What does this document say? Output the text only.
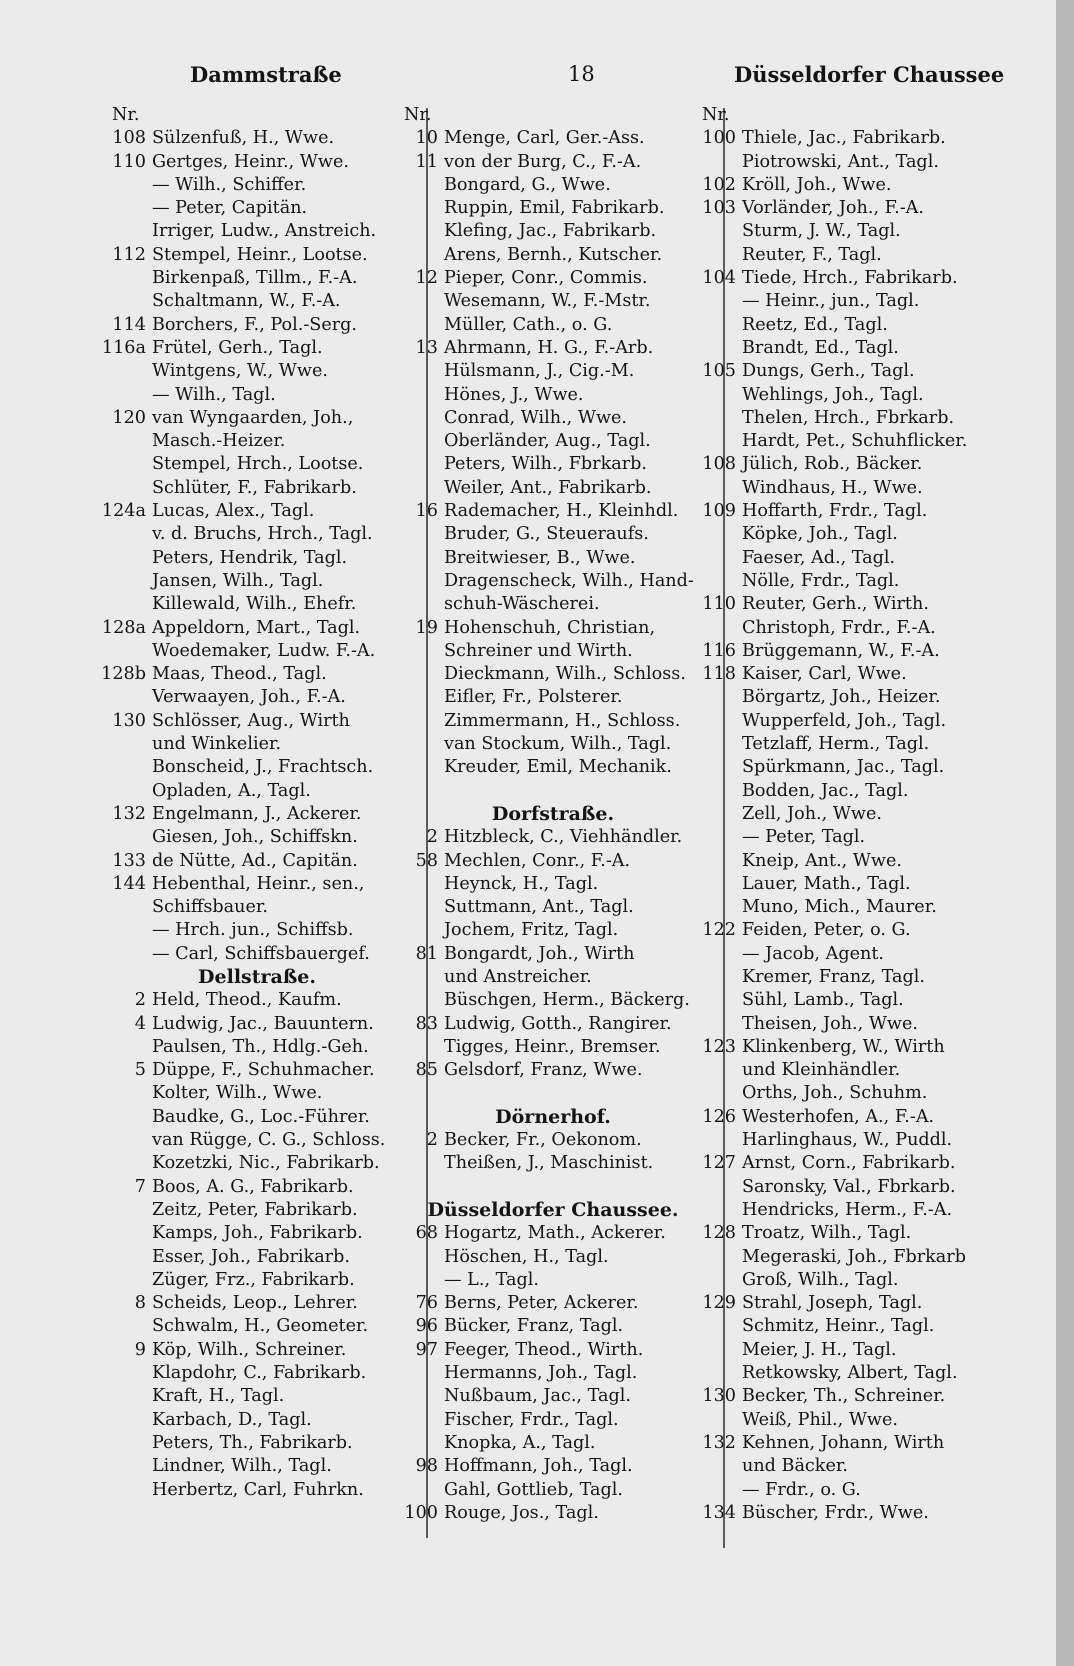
Dammstraße	18	Düsseldorfer Chaussee
Nr.
108 Sülzenfuß, H., Wwe.
110 Gertges, Heinr., Wwe.
— Wilh., Schiffer.
— Peter, Capitän.
Irriger, Ludw., Anstreich.
112 Stempel, Heinr., Lootse.
Birkenpaß, Tillm., F.-A.
Schaltmann, W., F.-A.
114 Borchers, F., Pol.-Serg.
116a Frütel, Gerh., Tagl.
Wintgens, W., Wwe.
— Wilh., Tagl.
120 van Wyngaarden, Joh.,
Masch.-Heizer.
Stempel, Hrch., Lootse.
Schlüter, F., Fabrikarb.
124a Lucas, Alex., Tagl.
v. d. Bruchs, Hrch., Tagl.
Peters, Hendrik, Tagl.
Jansen, Wilh., Tagl.
Killewald, Wilh., Ehefr.
128a Appeldorn, Mart., Tagl.
Woedemaker, Ludw. F.-A.
128b Maas, Theod., Tagl.
Verwaayen, Joh., F.-A.
130 Schlösser, Aug., Wirth
und Winkelier.
Bonscheid, J., Frachtsch.
Opladen, A., Tagl.
132 Engelmann, J., Ackerer.
Giesen, Joh., Schiffskn.
133 de Nütte, Ad., Capitän.
144 Hebenthal, Heinr., sen.,
Schiffsbauer.
— Hrch. jun., Schiffsb.
— Carl, Schiffsbauergef.
Dellstraße.
2 Held, Theod., Kaufm.
4 Ludwig, Jac., Bauuntern.
Paulsen, Th., Hdlg.-Geh.
5 Düppe, F., Schuhmacher.
Kolter, Wilh., Wwe.
Baudke, G., Loc.-Führer.
van Rügge, C. G., Schloss.
Kozetzki, Nic., Fabrikarb.
7 Boos, A. G., Fabrikarb.
Zeitz, Peter, Fabrikarb.
Kamps, Joh., Fabrikarb.
Esser, Joh., Fabrikarb.
Züger, Frz., Fabrikarb.
8 Scheids, Leop., Lehrer.
Schwalm, H., Geometer.
9 Köp, Wilh., Schreiner.
Klapdohr, C., Fabrikarb.
Kraft, H., Tagl.
Karbach, D., Tagl.
Peters, Th., Fabrikarb.
Lindner, Wilh., Tagl.
Herbertz, Carl, Fuhrkn.
Nr.
10 Menge, Carl, Ger.-Ass.
11 von der Burg, C., F.-A.
Bongard, G., Wwe.
Ruppin, Emil, Fabrikarb.
Klefing, Jac., Fabrikarb.
Arens, Bernh., Kutscher.
12 Pieper, Conr., Commis.
Wesemann, W., F.-Mstr.
Müller, Cath., o. G.
13 Ahrmann, H. G., F.-Arb.
Hülsmann, J., Cig.-M.
Hönes, J., Wwe.
Conrad, Wilh., Wwe.
Oberländer, Aug., Tagl.
Peters, Wilh., Fbrkarb.
Weiler, Ant., Fabrikarb.
16 Rademacher, H., Kleinhdl.
Bruder, G., Steueraufs.
Breitwieser, B., Wwe.
Dragenscheck, Wilh., Hand-
schuh-Wäscherei.
19 Hohenschuh, Christian,
Schreiner und Wirth.
Dieckmann, Wilh., Schloss.
Eifler, Fr., Polsterer.
Zimmermann, H., Schloss.
van Stockum, Wilh., Tagl.
Kreuder, Emil, Mechanik.
Dorfstraße.
2 Hitzbleck, C., Viehhändler.
58 Mechlen, Conr., F.-A.
Heynck, H., Tagl.
Suttmann, Ant., Tagl.
Jochem, Fritz, Tagl.
81 Bongardt, Joh., Wirth
und Anstreicher.
Büschgen, Herm., Bäckerg.
83 Ludwig, Gotth., Rangirer.
Tigges, Heinr., Bremser.
85 Gelsdorf, Franz, Wwe.
Dörnerhof.
2 Becker, Fr., Oekonom.
Theißen, J., Maschinist.
Düsseldorfer Chaussee.
68 Hogartz, Math., Ackerer.
Höschen, H., Tagl.
— L., Tagl.
76 Berns, Peter, Ackerer.
96 Bücker, Franz, Tagl.
97 Feeger, Theod., Wirth.
Hermanns, Joh., Tagl.
Nußbaum, Jac., Tagl.
Fischer, Frdr., Tagl.
Knopka, A., Tagl.
98 Hoffmann, Joh., Tagl.
Gahl, Gottlieb, Tagl.
100 Rouge, Jos., Tagl.
Nr.
100 Thiele, Jac., Fabrikarb.
Piotrowski, Ant., Tagl.
102 Kröll, Joh., Wwe.
103 Vorländer, Joh., F.-A.
Sturm, J. W., Tagl.
Reuter, F., Tagl.
104 Tiede, Hrch., Fabrikarb.
— Heinr., jun., Tagl.
Reetz, Ed., Tagl.
Brandt, Ed., Tagl.
105 Dungs, Gerh., Tagl.
Wehlings, Joh., Tagl.
Thelen, Hrch., Fbrkarb.
Hardt, Pet., Schuhflicker.
108 Jülich, Rob., Bäcker.
Windhaus, H., Wwe.
109 Hoffarth, Frdr., Tagl.
Köpke, Joh., Tagl.
Faeser, Ad., Tagl.
Nölle, Frdr., Tagl.
110 Reuter, Gerh., Wirth.
Christoph, Frdr., F.-A.
116 Brüggemann, W., F.-A.
118 Kaiser, Carl, Wwe.
Börgartz, Joh., Heizer.
Wupperfeld, Joh., Tagl.
Tetzlaff, Herm., Tagl.
Spürkmann, Jac., Tagl.
Bodden, Jac., Tagl.
Zell, Joh., Wwe.
— Peter, Tagl.
Kneip, Ant., Wwe.
Lauer, Math., Tagl.
Muno, Mich., Maurer.
122 Feiden, Peter, o. G.
— Jacob, Agent.
Kremer, Franz, Tagl.
Sühl, Lamb., Tagl.
Theisen, Joh., Wwe.
123 Klinkenberg, W., Wirth
und Kleinhändler.
Orths, Joh., Schuhm.
126 Westerhofen, A., F.-A.
Harlinghaus, W., Puddl.
127 Arnst, Corn., Fabrikarb.
Saronsky, Val., Fbrkarb.
Hendricks, Herm., F.-A.
128 Troatz, Wilh., Tagl.
Megeraski, Joh., Fbrkarb
Groß, Wilh., Tagl.
129 Strahl, Joseph, Tagl.
Schmitz, Heinr., Tagl.
Meier, J. H., Tagl.
Retkowsky, Albert, Tagl.
130 Becker, Th., Schreiner.
Weiß, Phil., Wwe.
132 Kehnen, Johann, Wirth
und Bäcker.
— Frdr., o. G.
134 Büscher, Frdr., Wwe.
